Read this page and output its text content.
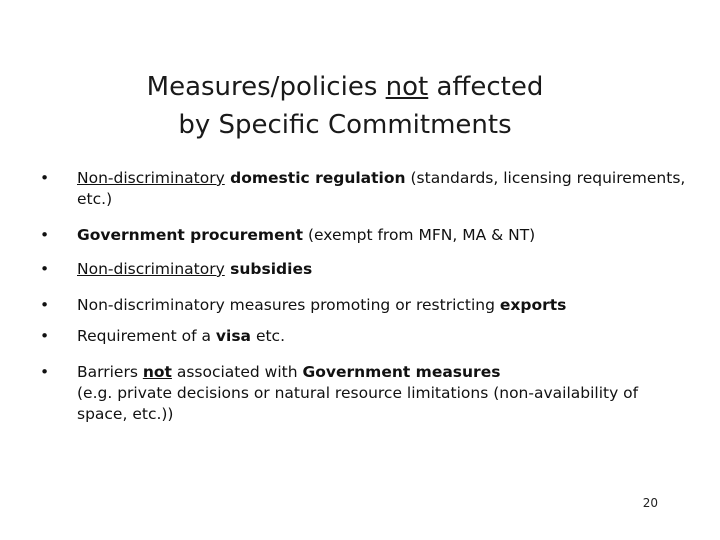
Measures/policies not affected
by Specific Commitments
•	Non-discriminatory domestic regulation (standards, licensing requirements, etc.)
•	Government procurement (exempt from MFN, MA & NT)
•	Non-discriminatory subsidies
•	Non-discriminatory measures promoting or restricting exports
•	Requirement of a visa etc.
•	Barriers not associated with Government measures
(e.g. private decisions or natural resource limitations (non-availability of space, etc.))
20
